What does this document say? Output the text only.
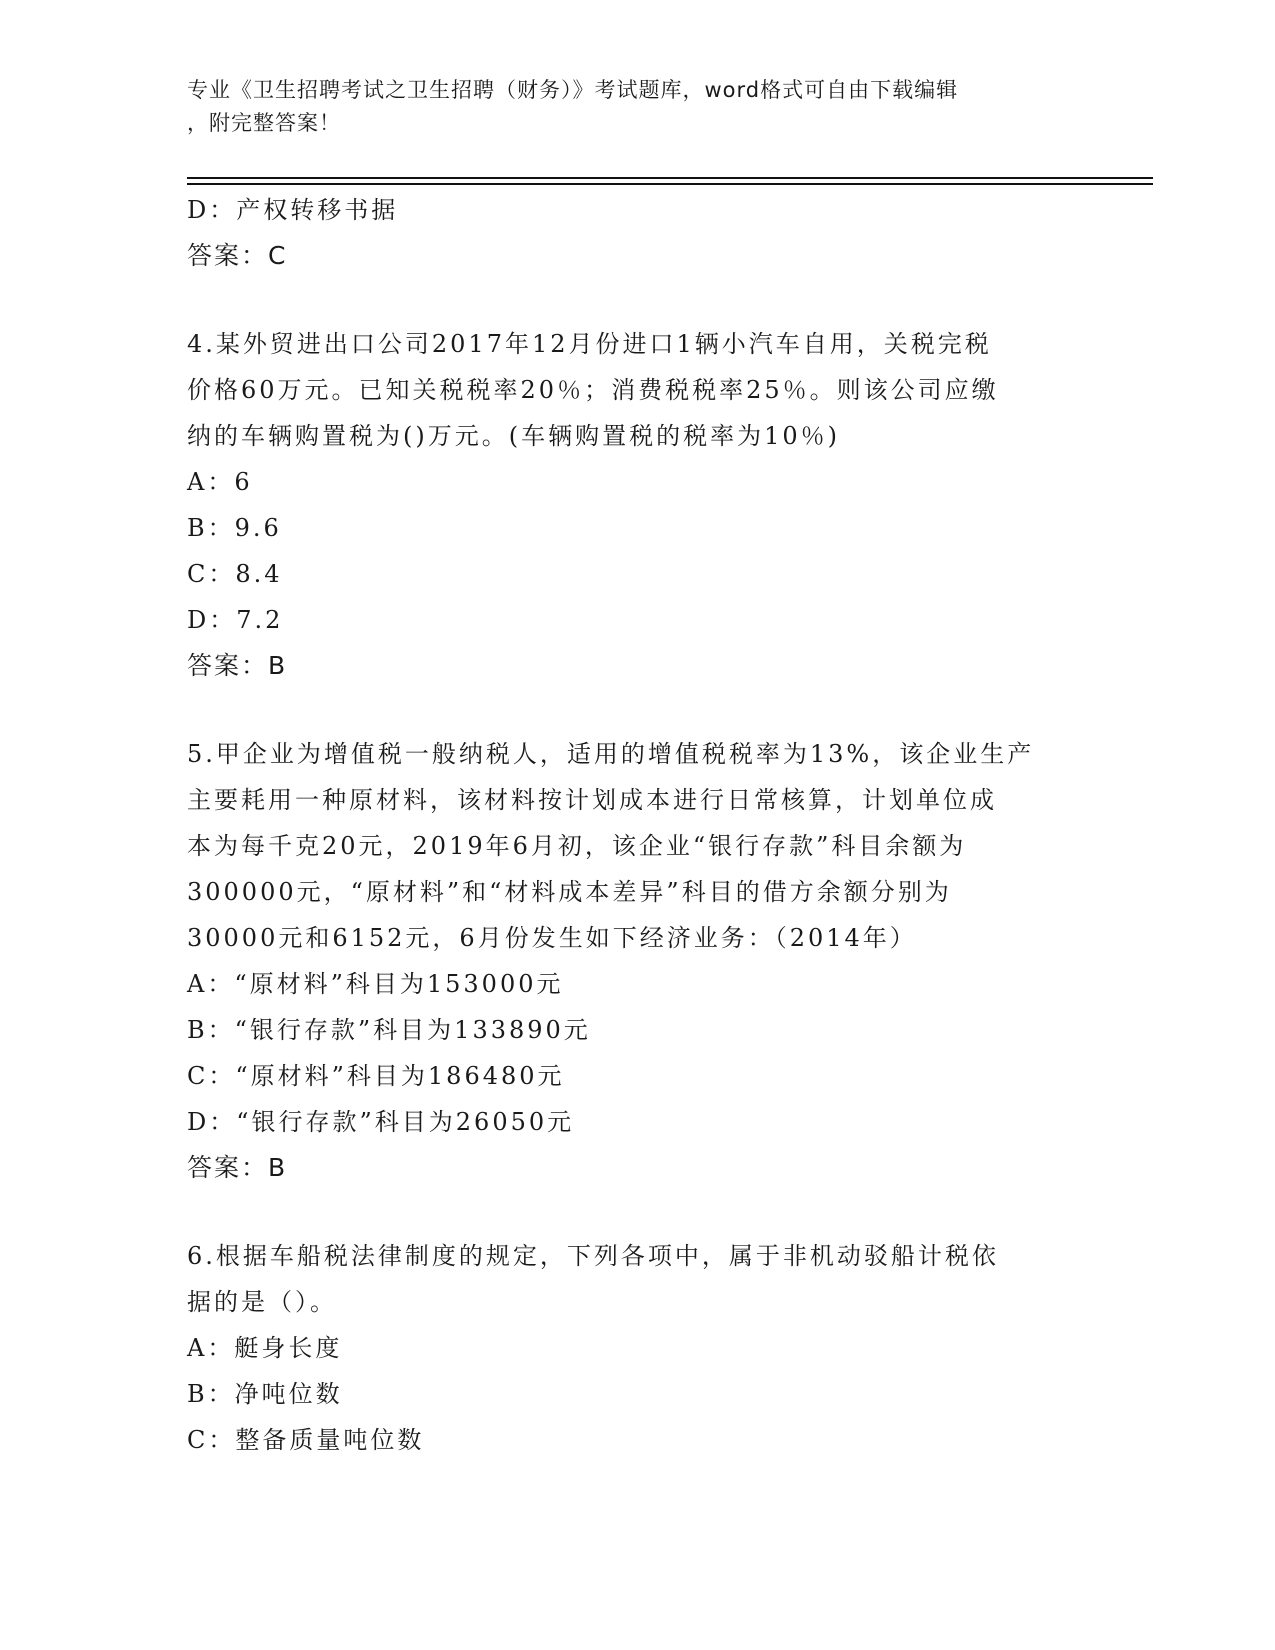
专业《卫生招聘考试之卫生招聘（财务）》考试题库，word格式可自由下载编辑
，附完整答案！
D：产权转移书据
答案：C
4.某外贸进出口公司2017年12月份进口1辆小汽车自用，关税完税
价格60万元。已知关税税率20％；消费税税率25％。则该公司应缴
纳的车辆购置税为()万元。(车辆购置税的税率为10％)
A：6
B：9.6
C：8.4
D：7.2
答案：B
5.甲企业为增值税一般纳税人，适用的增值税税率为13%，该企业生产
主要耗用一种原材料，该材料按计划成本进行日常核算，计划单位成
本为每千克20元，2019年6月初，该企业“银行存款”科目余额为
300000元，“原材料”和“材料成本差异”科目的借方余额分别为
30000元和6152元，6月份发生如下经济业务：（2014年）
A：“原材料”科目为153000元
B：“银行存款”科目为133890元
C：“原材料”科目为186480元
D：“银行存款”科目为26050元
答案：B
6.根据车船税法律制度的规定，下列各项中，属于非机动驳船计税依
据的是（）。
A：艇身长度
B：净吨位数
C：整备质量吨位数
